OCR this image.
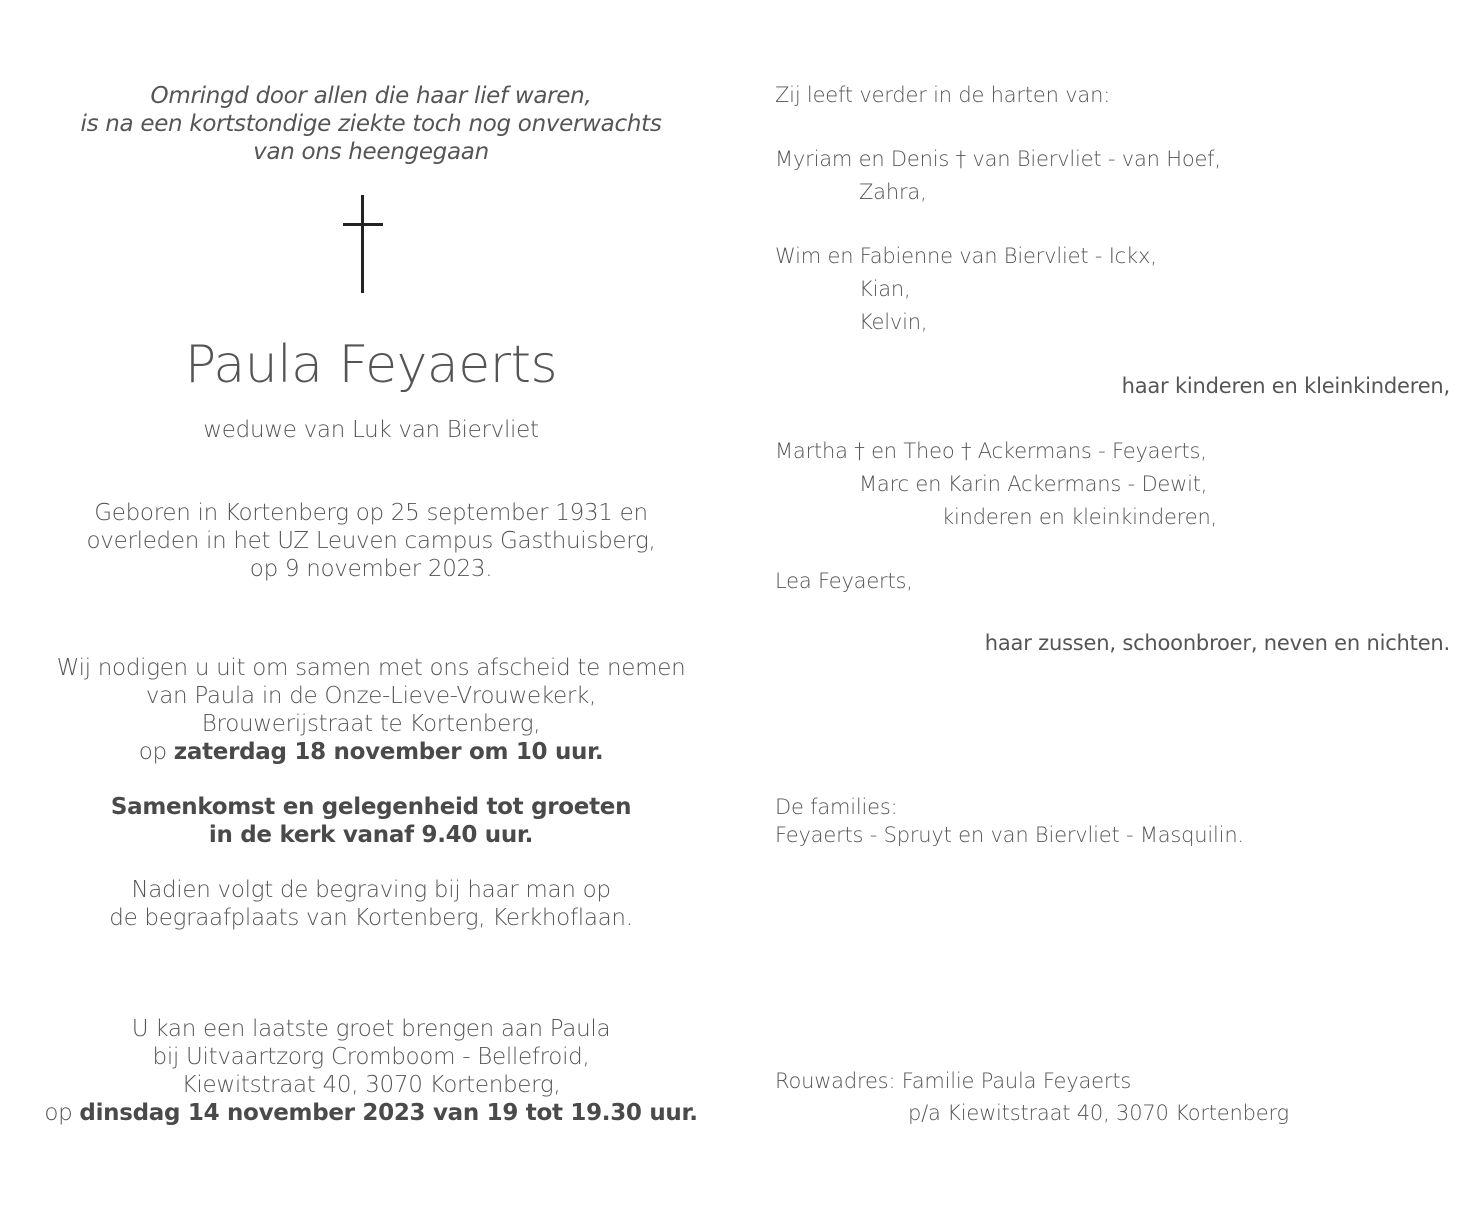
Omringd door allen die haar lief waren,
is na een kortstondige ziekte toch nog onverwachts
van ons heengegaan
Paula Feyaerts
weduwe van Luk van Biervliet
Geboren in Kortenberg op 25 september 1931 en
overleden in het UZ Leuven campus Gasthuisberg,
op 9 november 2023.
Wij nodigen u uit om samen met ons afscheid te nemen
van Paula in de Onze-Lieve-Vrouwekerk,
Brouwerijstraat te Kortenberg,
op zaterdag 18 november om 10 uur.
Samenkomst en gelegenheid tot groeten
in de kerk vanaf 9.40 uur.
Nadien volgt de begraving bij haar man op
de begraafplaats van Kortenberg, Kerkhoflaan.
U kan een laatste groet brengen aan Paula
bij Uitvaartzorg Cromboom - Bellefroid,
Kiewitstraat 40, 3070 Kortenberg,
op dinsdag 14 november 2023 van 19 tot 19.30 uur.
Zij leeft verder in de harten van:
Myriam en Denis † van Biervliet - van Hoef,
Zahra,
Wim en Fabienne van Biervliet - Ickx,
Kian,
Kelvin,
haar kinderen en kleinkinderen,
Martha † en Theo † Ackermans - Feyaerts,
Marc en Karin Ackermans - Dewit,
kinderen en kleinkinderen,
Lea Feyaerts,
haar zussen, schoonbroer, neven en nichten.
De families:
Feyaerts - Spruyt en van Biervliet - Masquilin.
Rouwadres: Familie Paula Feyaerts
p/a Kiewitstraat 40, 3070 Kortenberg
